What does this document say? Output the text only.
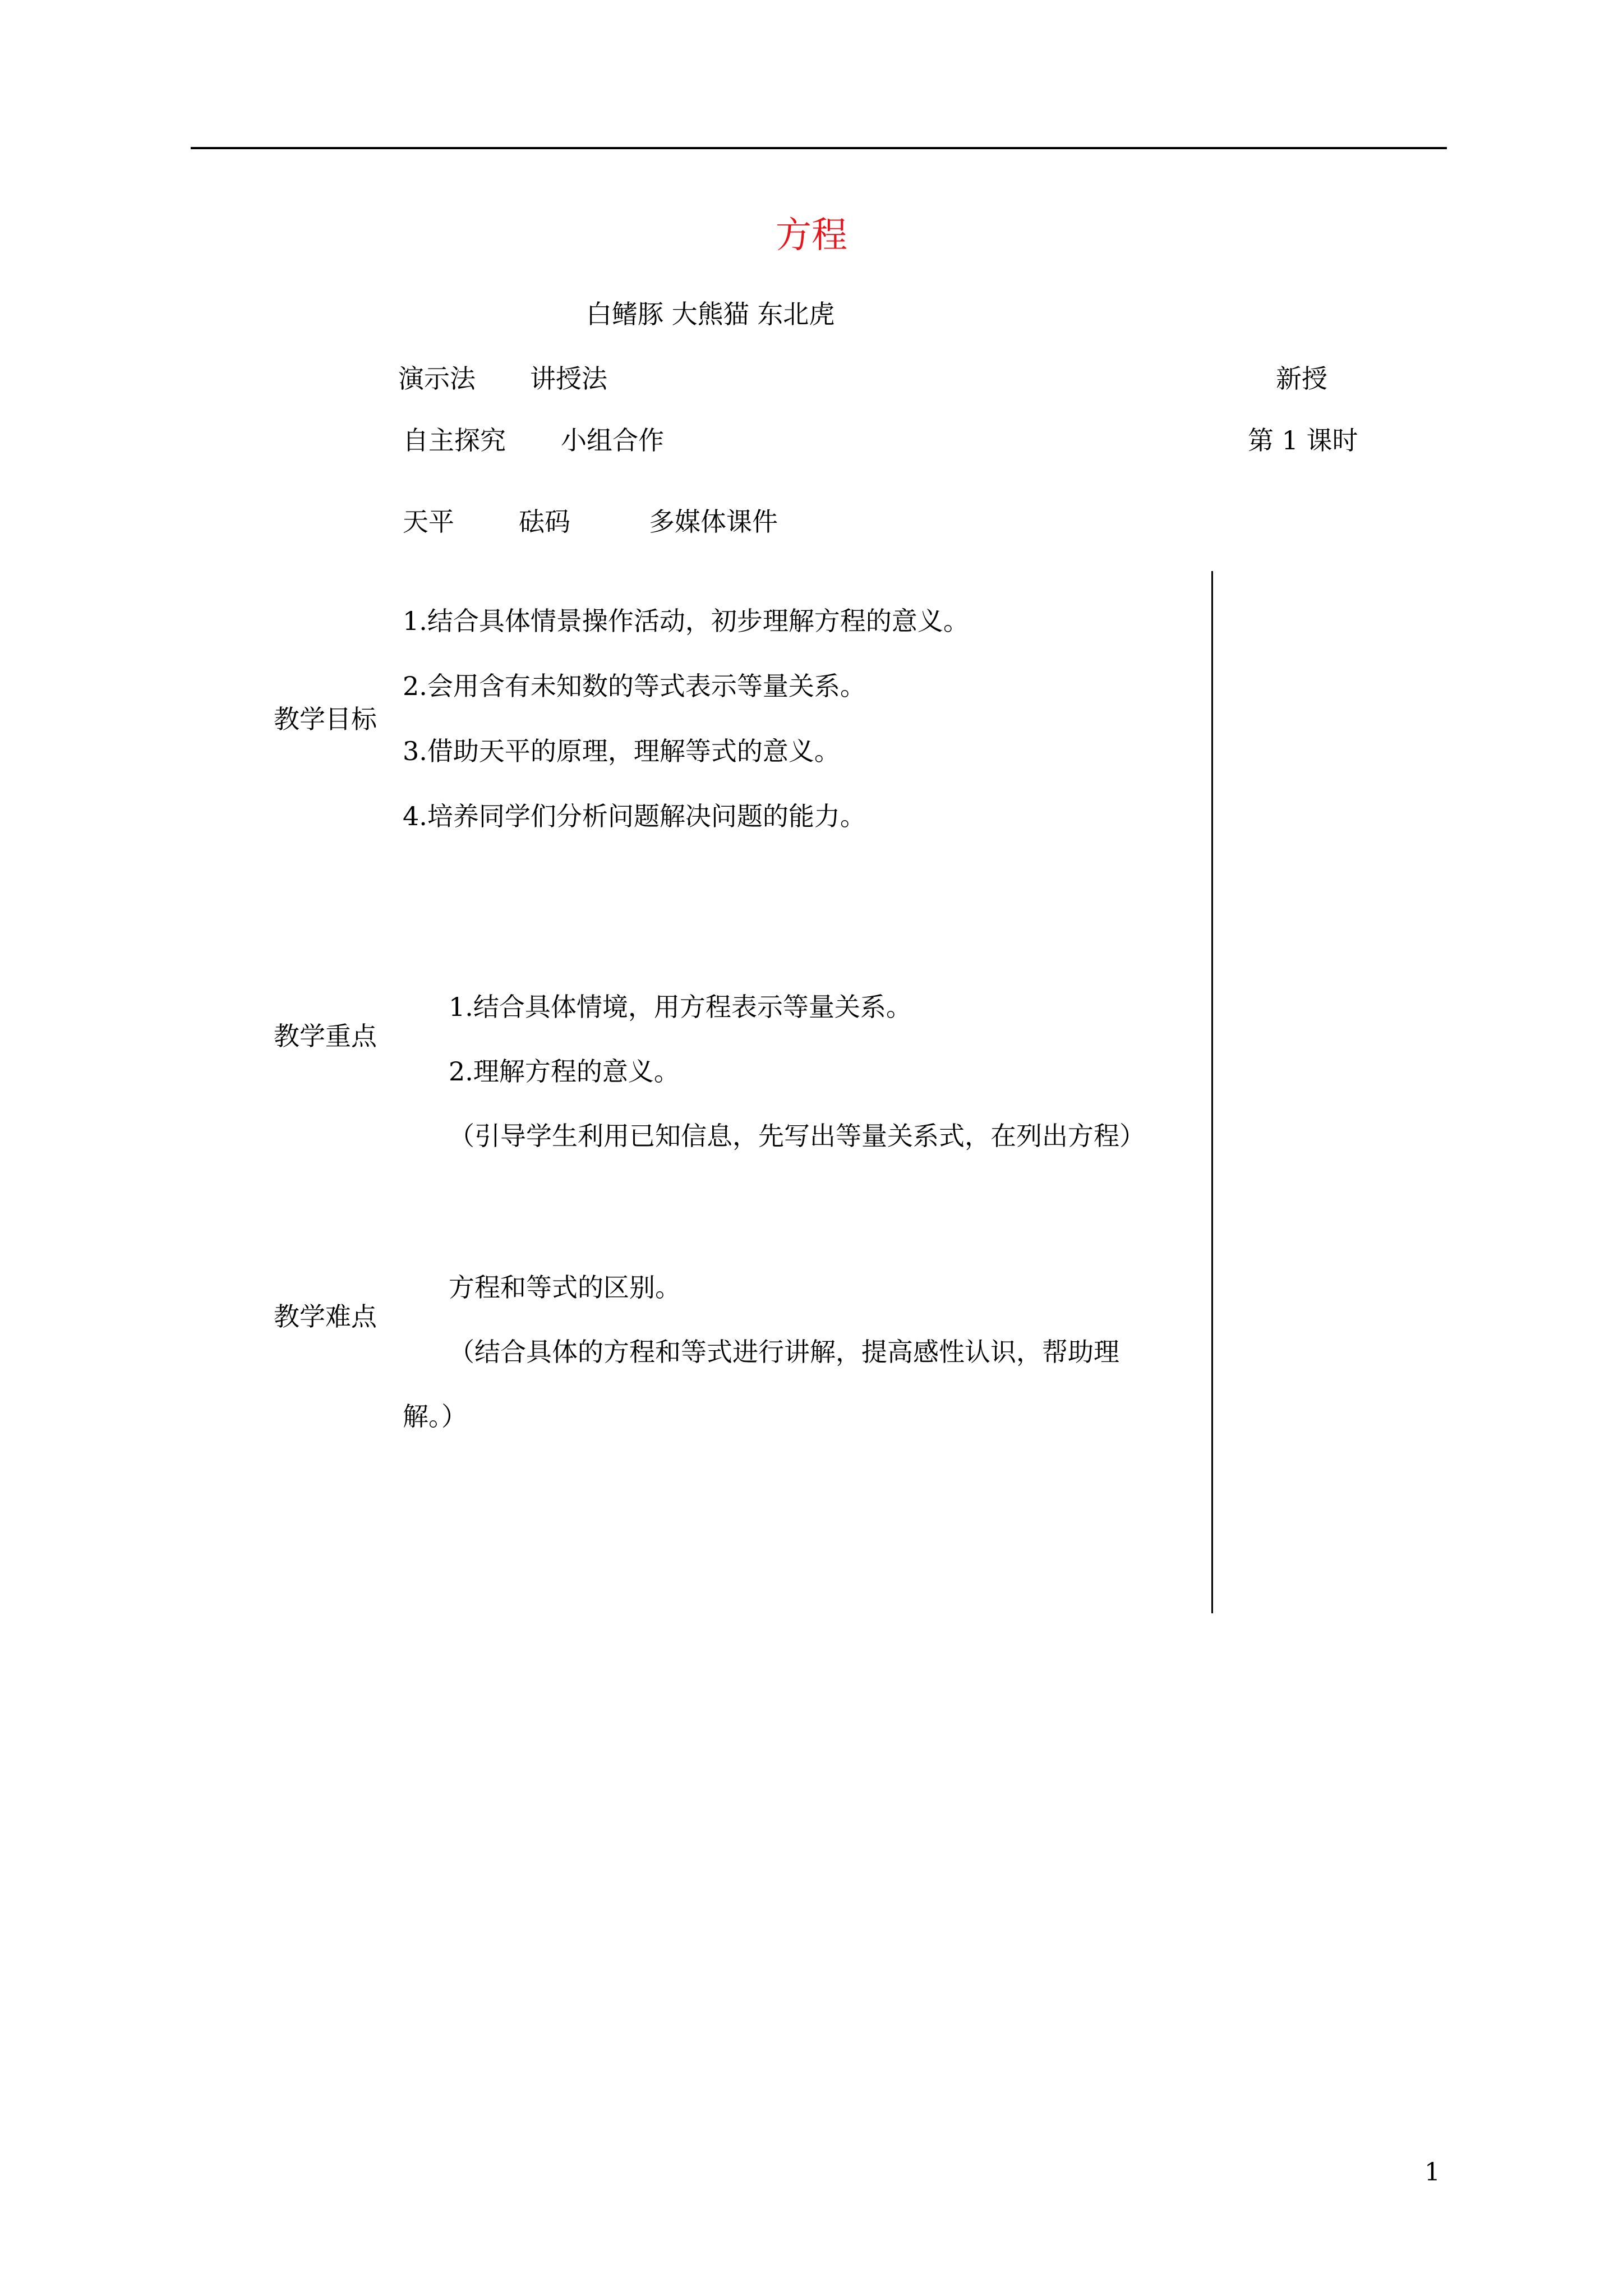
方程
白鳍豚 大熊猫 东北虎
演示法 讲授法	新授
自主探究 小组合作	第 1 课时
天平	砝码	多媒体课件
教学目标
1.结合具体情景操作活动，初步理解方程的意义。
2.会用含有未知数的等式表示等量关系。
3.借助天平的原理，理解等式的意义。
4.培养同学们分析问题解决问题的能力。
教学重点
1.结合具体情境，用方程表示等量关系。
2.理解方程的意义。
（引导学生利用已知信息，先写出等量关系式，在列出方程）
教学难点
方程和等式的区别。
（结合具体的方程和等式进行讲解，提高感性认识，帮助理
解。）
1
